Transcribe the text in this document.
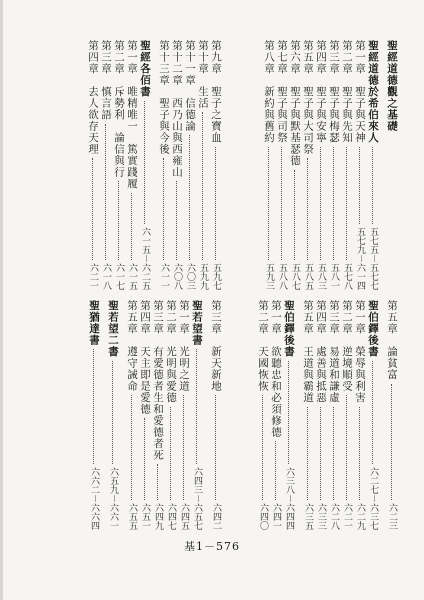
聖經道德觀之基礎
聖經道德於希伯來人
五七五－五七七
第一章　聖子與天神
五七九－六一四
第二章　聖子與先知
五七八
第三章　聖子與梅瑟
五八一
第四章　聖子與安寧
五八三
第五章　聖子與大司祭
五八五
第六章　聖子與默基瑟德
五八七
第七章　聖子與司祭
五八八
第八章　新約與舊約
五九三
第九章　聖子之寶血
五九七
第十章　生活
五九九
第十一章　信德論
六〇三
第十二章　西乃山與西雍山
六〇八
第十三章　聖子與今後
六一一
聖經各佰書
六一五－六二五
第一章　唯精唯一　篤實踐履
六一五
第二章　斥勢利　論信與行
六一七
第三章　慎言語
六一八
第四章　去人欲存天理
六二一
第五章　論貧富
六二三
聖伯鐸後書
六二七－六三七
第一章　榮辱與利害
六二九
第二章　逆境順受
六二一
第三章　易道和謙虛
六二八
第四章　處善與抵惡
六三三
第五章　王道與霸道
六三五
聖伯鐸後書
六三八－六四四
第一章　欲聽忠和必須修德
六四一
第二章　天國恢恢
六四〇
第三章　新天新地
六四二
聖若望書
六四三－六五七
第一章　光明之道
六四五
第二章　光明與愛德
六四七
第三章　有愛德者生和愛德者死
六四九
第四章　天主即是愛德
六五一
第五章　遵守誡命
六五五
聖若望二書
六五九－六六一
聖猶達書
六六二－六六四
基1－576
